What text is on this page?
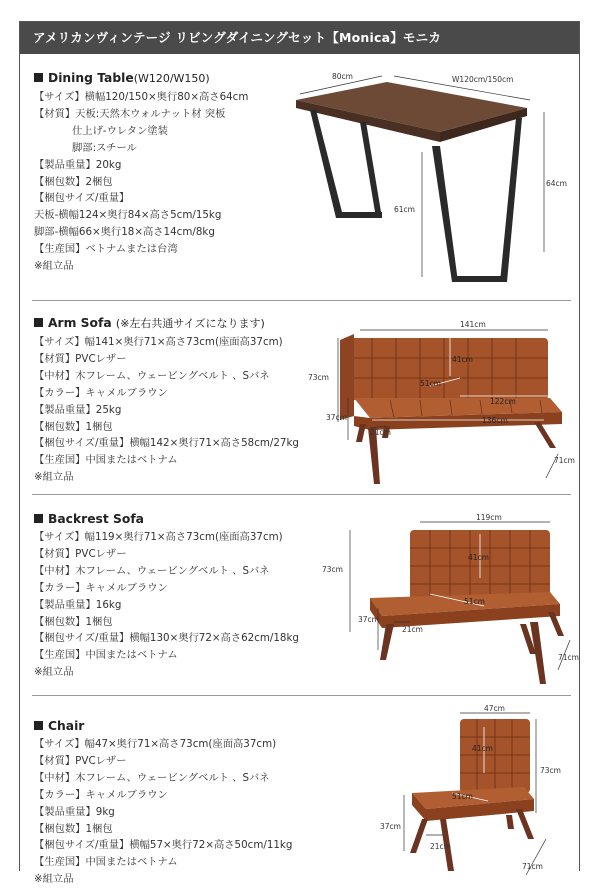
アメリカンヴィンテージ リビングダイニングセット【Monica】モニカ
Dining Table(W120/W150)
【サイズ】横幅120/150×奥行80×高さ64cm
【材質】天板:天然木ウォルナット材 突板
仕上げ-ウレタン塗装
脚部:スチール
【製品重量】20kg
【梱包数】2梱包
【梱包サイズ/重量】
天板-横幅124×奥行84×高さ5cm/15kg
脚部-横幅66×奥行18×高さ14cm/8kg
【生産国】ベトナムまたは台湾
※組立品
80cm	W120cm/150cm
64cm
61cm
Arm Sofa (※左右共通サイズになります)
【サイズ】幅141×奥行71×高さ73cm(座面高37cm)
【材質】PVCレザー
【中材】木フレーム、ウェービングベルト 、Sバネ
【カラー】キャメルブラウン
【製品重量】25kg
【梱包数】1梱包
【梱包サイズ/重量】横幅142×奥行71×高さ58cm/27kg
【生産国】中国またはベトナム
※組立品
141cm
41cm
51cm
122cm
73cm
136cm
37cm
21cm
71cm
Backrest Sofa
【サイズ】幅119×奥行71×高さ73cm(座面高37cm)
【材質】PVCレザー
【中材】木フレーム、ウェービングベルト 、Sバネ
【カラー】キャメルブラウン
【製品重量】16kg
【梱包数】1梱包
【梱包サイズ/重量】横幅130×奥行72×高さ62cm/18kg
【生産国】中国またはベトナム
※組立品
119cm
73cm
41cm
51cm
37cm
21cm
71cm
Chair
【サイズ】幅47×奥行71×高さ73cm(座面高37cm)
【材質】PVCレザー
【中材】木フレーム、ウェービングベルト 、Sバネ
【カラー】キャメルブラウン
【製品重量】9kg
【梱包数】1梱包
【梱包サイズ/重量】横幅57×奥行72×高さ50cm/11kg
【生産国】中国またはベトナム
※組立品
47cm
41cm
73cm
51cm
37cm
21cm
71cm
